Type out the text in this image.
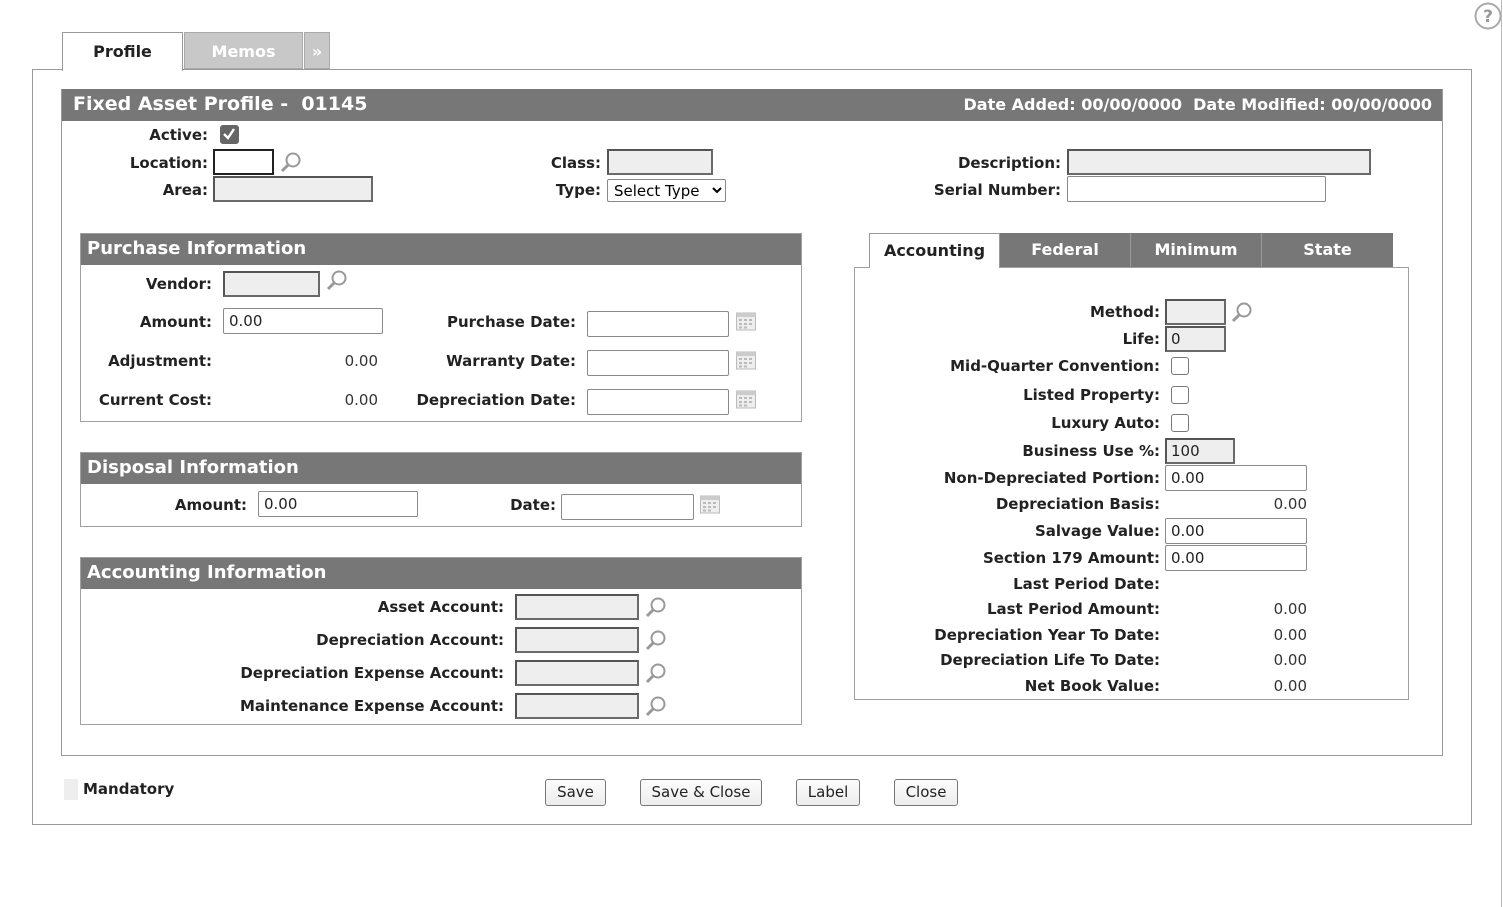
?
Profile	Memos	»
Fixed Asset Profile -  01145	Date Added: 00/00/0000 Date Modified: 00/00/0000
Active:
Location:
Area:
Class:
Type:
Select Type
Description:
Serial Number:
Purchase Information
Vendor:
Amount:	0.00
Adjustment:	0.00
Current Cost:	0.00
Purchase Date:
Warranty Date:
Depreciation Date:
Disposal Information
Amount:	0.00	Date:
Accounting Information
Asset Account:
Depreciation Account:
Depreciation Expense Account:
Maintenance Expense Account:
Accounting	Federal	Minimum	State
Method:
Life: 0
Mid-Quarter Convention:
Listed Property:
Luxury Auto:
Business Use %: 100
Non-Depreciated Portion: 0.00
Depreciation Basis:	0.00
Salvage Value: 0.00
Section 179 Amount: 0.00
Last Period Date:
Last Period Amount:	0.00
Depreciation Year To Date:	0.00
Depreciation Life To Date:	0.00
Net Book Value:	0.00
Mandatory	Save	Save & Close	Label	Close
